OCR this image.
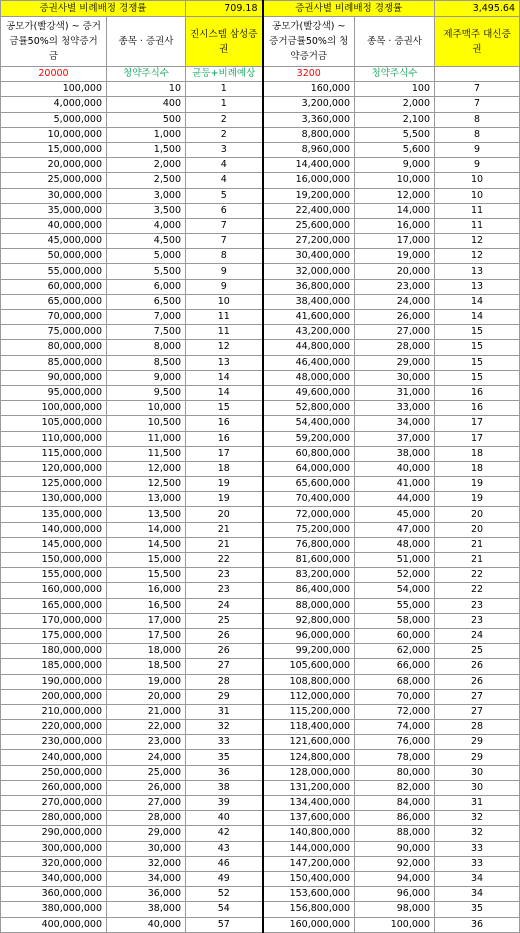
증권사별 비례배정 경쟁률		709.18	증권사별 비례배정 경쟁률		3,495.64
공모가(빨강색) ~ 증거금률50%의 청약증거금	종목 · 증권사	진시스템 삼성증권	공모가(빨강색) ~ 증거금률50%의 청약증거금	종목 · 증권사	제주맥주 대신증권
20000	청약주식수	균등+비례예상	3200	청약주식수	
100,000	10	1	160,000	100	7
4,000,000	400	1	3,200,000	2,000	7
5,000,000	500	2	3,360,000	2,100	8
10,000,000	1,000	2	8,800,000	5,500	8
15,000,000	1,500	3	8,960,000	5,600	9
20,000,000	2,000	4	14,400,000	9,000	9
25,000,000	2,500	4	16,000,000	10,000	10
30,000,000	3,000	5	19,200,000	12,000	10
35,000,000	3,500	6	22,400,000	14,000	11
40,000,000	4,000	7	25,600,000	16,000	11
45,000,000	4,500	7	27,200,000	17,000	12
50,000,000	5,000	8	30,400,000	19,000	12
55,000,000	5,500	9	32,000,000	20,000	13
60,000,000	6,000	9	36,800,000	23,000	13
65,000,000	6,500	10	38,400,000	24,000	14
70,000,000	7,000	11	41,600,000	26,000	14
75,000,000	7,500	11	43,200,000	27,000	15
80,000,000	8,000	12	44,800,000	28,000	15
85,000,000	8,500	13	46,400,000	29,000	15
90,000,000	9,000	14	48,000,000	30,000	15
95,000,000	9,500	14	49,600,000	31,000	16
100,000,000	10,000	15	52,800,000	33,000	16
105,000,000	10,500	16	54,400,000	34,000	17
110,000,000	11,000	16	59,200,000	37,000	17
115,000,000	11,500	17	60,800,000	38,000	18
120,000,000	12,000	18	64,000,000	40,000	18
125,000,000	12,500	19	65,600,000	41,000	19
130,000,000	13,000	19	70,400,000	44,000	19
135,000,000	13,500	20	72,000,000	45,000	20
140,000,000	14,000	21	75,200,000	47,000	20
145,000,000	14,500	21	76,800,000	48,000	21
150,000,000	15,000	22	81,600,000	51,000	21
155,000,000	15,500	23	83,200,000	52,000	22
160,000,000	16,000	23	86,400,000	54,000	22
165,000,000	16,500	24	88,000,000	55,000	23
170,000,000	17,000	25	92,800,000	58,000	23
175,000,000	17,500	26	96,000,000	60,000	24
180,000,000	18,000	26	99,200,000	62,000	25
185,000,000	18,500	27	105,600,000	66,000	26
190,000,000	19,000	28	108,800,000	68,000	26
200,000,000	20,000	29	112,000,000	70,000	27
210,000,000	21,000	31	115,200,000	72,000	27
220,000,000	22,000	32	118,400,000	74,000	28
230,000,000	23,000	33	121,600,000	76,000	29
240,000,000	24,000	35	124,800,000	78,000	29
250,000,000	25,000	36	128,000,000	80,000	30
260,000,000	26,000	38	131,200,000	82,000	30
270,000,000	27,000	39	134,400,000	84,000	31
280,000,000	28,000	40	137,600,000	86,000	32
290,000,000	29,000	42	140,800,000	88,000	32
300,000,000	30,000	43	144,000,000	90,000	33
320,000,000	32,000	46	147,200,000	92,000	33
340,000,000	34,000	49	150,400,000	94,000	34
360,000,000	36,000	52	153,600,000	96,000	34
380,000,000	38,000	54	156,800,000	98,000	35
400,000,000	40,000	57	160,000,000	100,000	36
